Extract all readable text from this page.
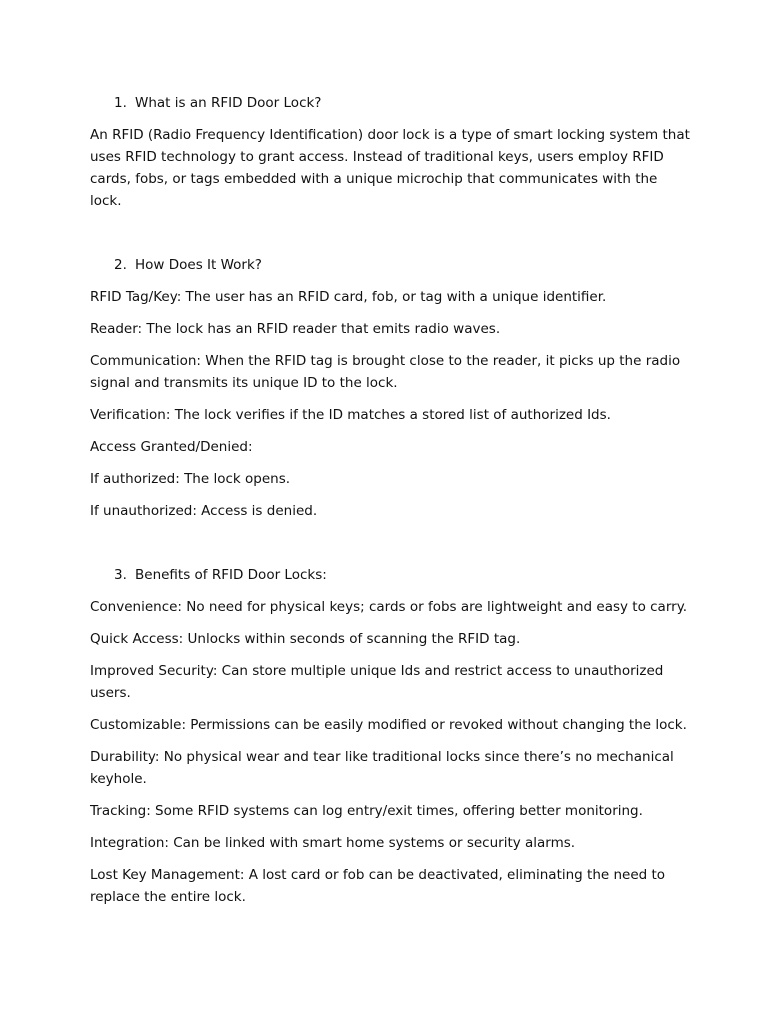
1. What is an RFID Door Lock?

An RFID (Radio Frequency Identification) door lock is a type of smart locking system that uses RFID technology to grant access. Instead of traditional keys, users employ RFID cards, fobs, or tags embedded with a unique microchip that communicates with the lock.

2. How Does It Work?

RFID Tag/Key: The user has an RFID card, fob, or tag with a unique identifier.

Reader: The lock has an RFID reader that emits radio waves.

Communication: When the RFID tag is brought close to the reader, it picks up the radio signal and transmits its unique ID to the lock.

Verification: The lock verifies if the ID matches a stored list of authorized Ids.

Access Granted/Denied:

If authorized: The lock opens.

If unauthorized: Access is denied.

3. Benefits of RFID Door Locks:

Convenience: No need for physical keys; cards or fobs are lightweight and easy to carry.

Quick Access: Unlocks within seconds of scanning the RFID tag.

Improved Security: Can store multiple unique Ids and restrict access to unauthorized users.

Customizable: Permissions can be easily modified or revoked without changing the lock.

Durability: No physical wear and tear like traditional locks since there’s no mechanical keyhole.

Tracking: Some RFID systems can log entry/exit times, offering better monitoring.

Integration: Can be linked with smart home systems or security alarms.

Lost Key Management: A lost card or fob can be deactivated, eliminating the need to replace the entire lock.
